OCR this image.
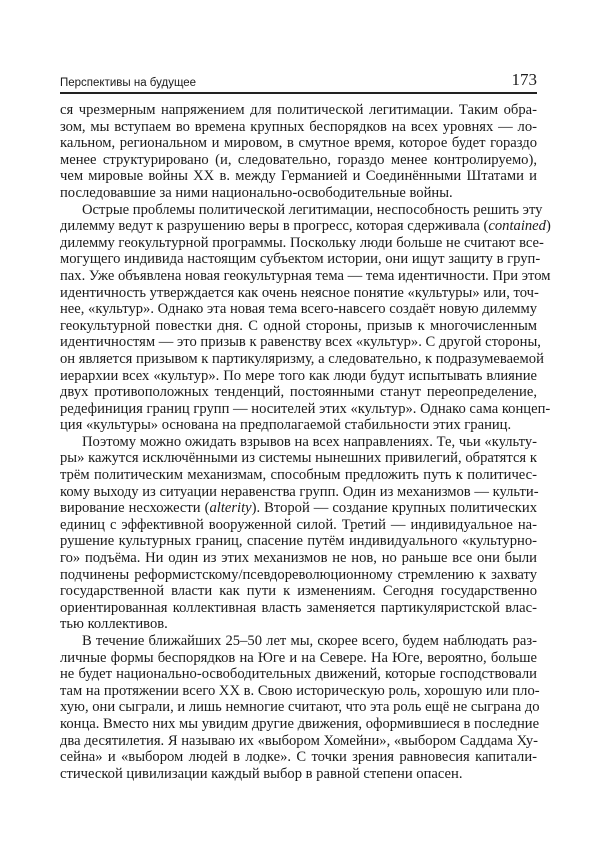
Перспективы на будущее	173
ся чрезмерным напряжением для политической легитимации. Таким обра-
зом, мы вступаем во времена крупных беспорядков на всех уровнях — ло-
кальном, региональном и мировом, в смутное время, которое будет гораздо
менее структурировано (и, следовательно, гораздо менее контролируемо),
чем мировые войны XX в. между Германией и Соединёнными Штатами и
последовавшие за ними национально-освободительные войны.
Острые проблемы политической легитимации, неспособность решить эту
дилемму ведут к разрушению веры в прогресс, которая сдерживала (contained)
дилемму геокультурной программы. Поскольку люди больше не считают все-
могущего индивида настоящим субъектом истории, они ищут защиту в груп-
пах. Уже объявлена новая геокультурная тема — тема идентичности. При этом
идентичность утверждается как очень неясное понятие «культуры» или, точ-
нее, «культур». Однако эта новая тема всего-навсего создаёт новую дилемму
геокультурной повестки дня. С одной стороны, призыв к многочисленным
идентичностям — это призыв к равенству всех «культур». С другой стороны,
он является призывом к партикуляризму, а следовательно, к подразумеваемой
иерархии всех «культур». По мере того как люди будут испытывать влияние
двух противоположных тенденций, постоянными станут переопределение,
редефиниция границ групп — носителей этих «культур». Однако сама концеп-
ция «культуры» основана на предполагаемой стабильности этих границ.
Поэтому можно ожидать взрывов на всех направлениях. Те, чьи «культу-
ры» кажутся исключёнными из системы нынешних привилегий, обратятся к
трём политическим механизмам, способным предложить путь к политичес-
кому выходу из ситуации неравенства групп. Один из механизмов — культи-
вирование несхожести (alterity). Второй — создание крупных политических
единиц с эффективной вооруженной силой. Третий — индивидуальное на-
рушение культурных границ, спасение путём индивидуального «культурно-
го» подъёма. Ни один из этих механизмов не нов, но раньше все они были
подчинены реформистскому/псевдореволюционному стремлению к захвату
государственной власти как пути к изменениям. Сегодня государственно
ориентированная коллективная власть заменяется партикуляристской влас-
тью коллективов.
В течение ближайших 25–50 лет мы, скорее всего, будем наблюдать раз-
личные формы беспорядков на Юге и на Севере. На Юге, вероятно, больше
не будет национально-освободительных движений, которые господствовали
там на протяжении всего XX в. Свою историческую роль, хорошую или пло-
хую, они сыграли, и лишь немногие считают, что эта роль ещё не сыграна до
конца. Вместо них мы увидим другие движения, оформившиеся в последние
два десятилетия. Я называю их «выбором Хомейни», «выбором Саддама Ху-
сейна» и «выбором людей в лодке». С точки зрения равновесия капитали-
стической цивилизации каждый выбор в равной степени опасен.
